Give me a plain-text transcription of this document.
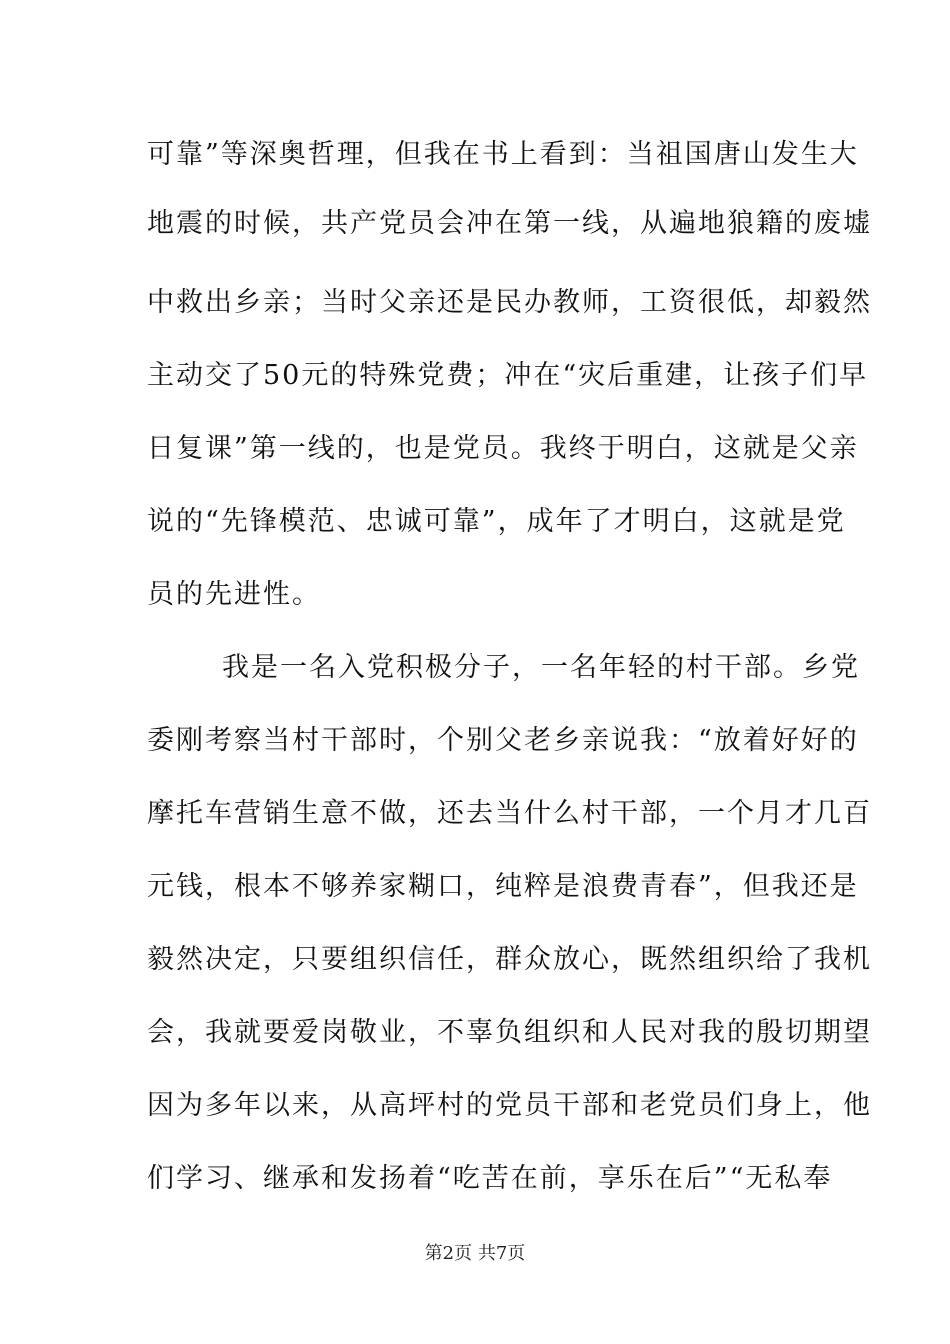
可靠”等深奥哲理，但我在书上看到：当祖国唐山发生大
地震的时候，共产党员会冲在第一线，从遍地狼籍的废墟
中救出乡亲；当时父亲还是民办教师，工资很低，却毅然
主动交了50元的特殊党费；冲在“灾后重建，让孩子们早
日复课”第一线的，也是党员。我终于明白，这就是父亲
说的“先锋模范、忠诚可靠”，成年了才明白，这就是党
员的先进性。
我是一名入党积极分子，一名年轻的村干部。乡党
委刚考察当村干部时，个别父老乡亲说我：“放着好好的
摩托车营销生意不做，还去当什么村干部，一个月才几百
元钱，根本不够养家糊口，纯粹是浪费青春”，但我还是
毅然决定，只要组织信任，群众放心，既然组织给了我机
会，我就要爱岗敬业，不辜负组织和人民对我的殷切期望
因为多年以来，从高坪村的党员干部和老党员们身上，他
们学习、继承和发扬着“吃苦在前，享乐在后”“无私奉
第2页 共7页
